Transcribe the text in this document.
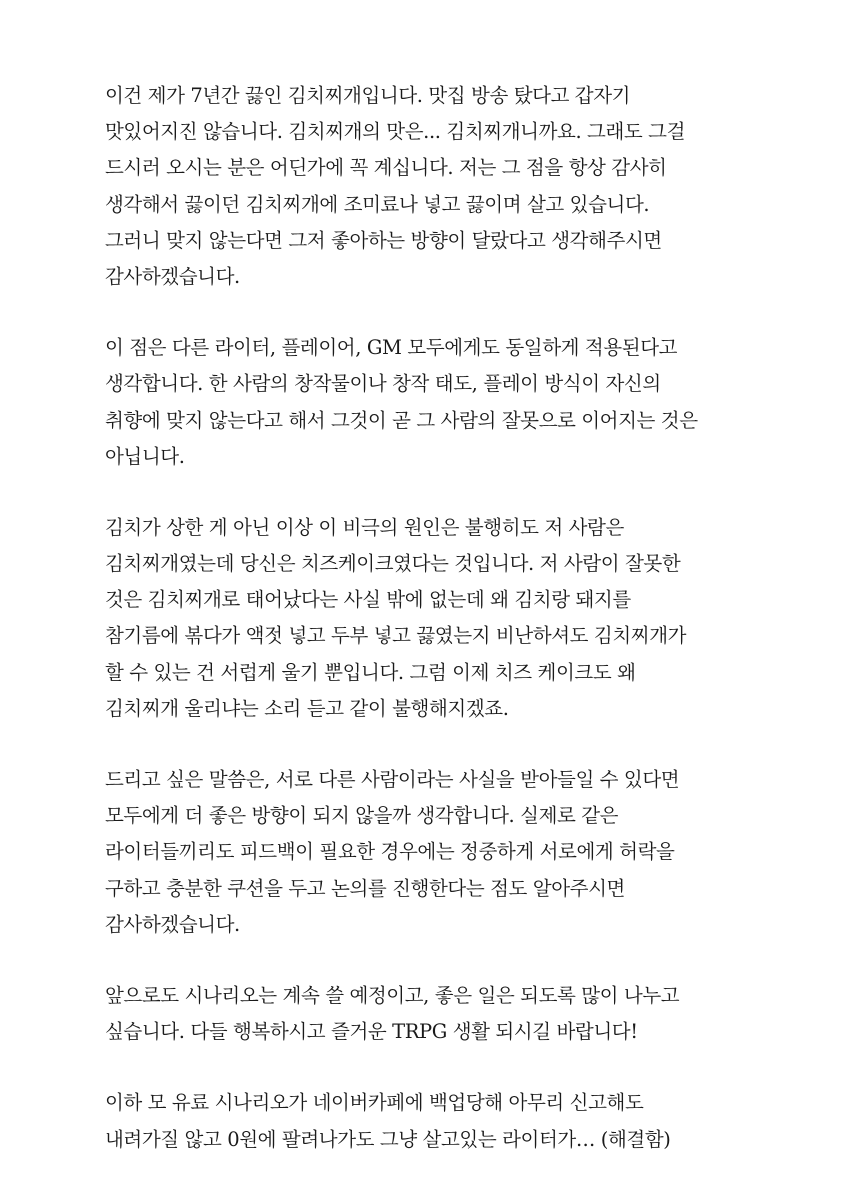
이건 제가 7년간 끓인 김치찌개입니다. 맛집 방송 탔다고 갑자기
맛있어지진 않습니다. 김치찌개의 맛은... 김치찌개니까요. 그래도 그걸
드시러 오시는 분은 어딘가에 꼭 계십니다. 저는 그 점을 항상 감사히
생각해서 끓이던 김치찌개에 조미료나 넣고 끓이며 살고 있습니다.
그러니 맞지 않는다면 그저 좋아하는 방향이 달랐다고 생각해주시면
감사하겠습니다.
이 점은 다른 라이터, 플레이어, GM 모두에게도 동일하게 적용된다고
생각합니다. 한 사람의 창작물이나 창작 태도, 플레이 방식이 자신의
취향에 맞지 않는다고 해서 그것이 곧 그 사람의 잘못으로 이어지는 것은
아닙니다.
김치가 상한 게 아닌 이상 이 비극의 원인은 불행히도 저 사람은
김치찌개였는데 당신은 치즈케이크였다는 것입니다. 저 사람이 잘못한
것은 김치찌개로 태어났다는 사실 밖에 없는데 왜 김치랑 돼지를
참기름에 볶다가 액젓 넣고 두부 넣고 끓였는지 비난하셔도 김치찌개가
할 수 있는 건 서럽게 울기 뿐입니다. 그럼 이제 치즈 케이크도 왜
김치찌개 울리냐는 소리 듣고 같이 불행해지겠죠.
드리고 싶은 말씀은, 서로 다른 사람이라는 사실을 받아들일 수 있다면
모두에게 더 좋은 방향이 되지 않을까 생각합니다. 실제로 같은
라이터들끼리도 피드백이 필요한 경우에는 정중하게 서로에게 허락을
구하고 충분한 쿠션을 두고 논의를 진행한다는 점도 알아주시면
감사하겠습니다.
앞으로도 시나리오는 계속 쓸 예정이고, 좋은 일은 되도록 많이 나누고
싶습니다. 다들 행복하시고 즐거운 TRPG 생활 되시길 바랍니다!
이하 모 유료 시나리오가 네이버카페에 백업당해 아무리 신고해도
내려가질 않고 0원에 팔려나가도 그냥 살고있는 라이터가… (해결함)
